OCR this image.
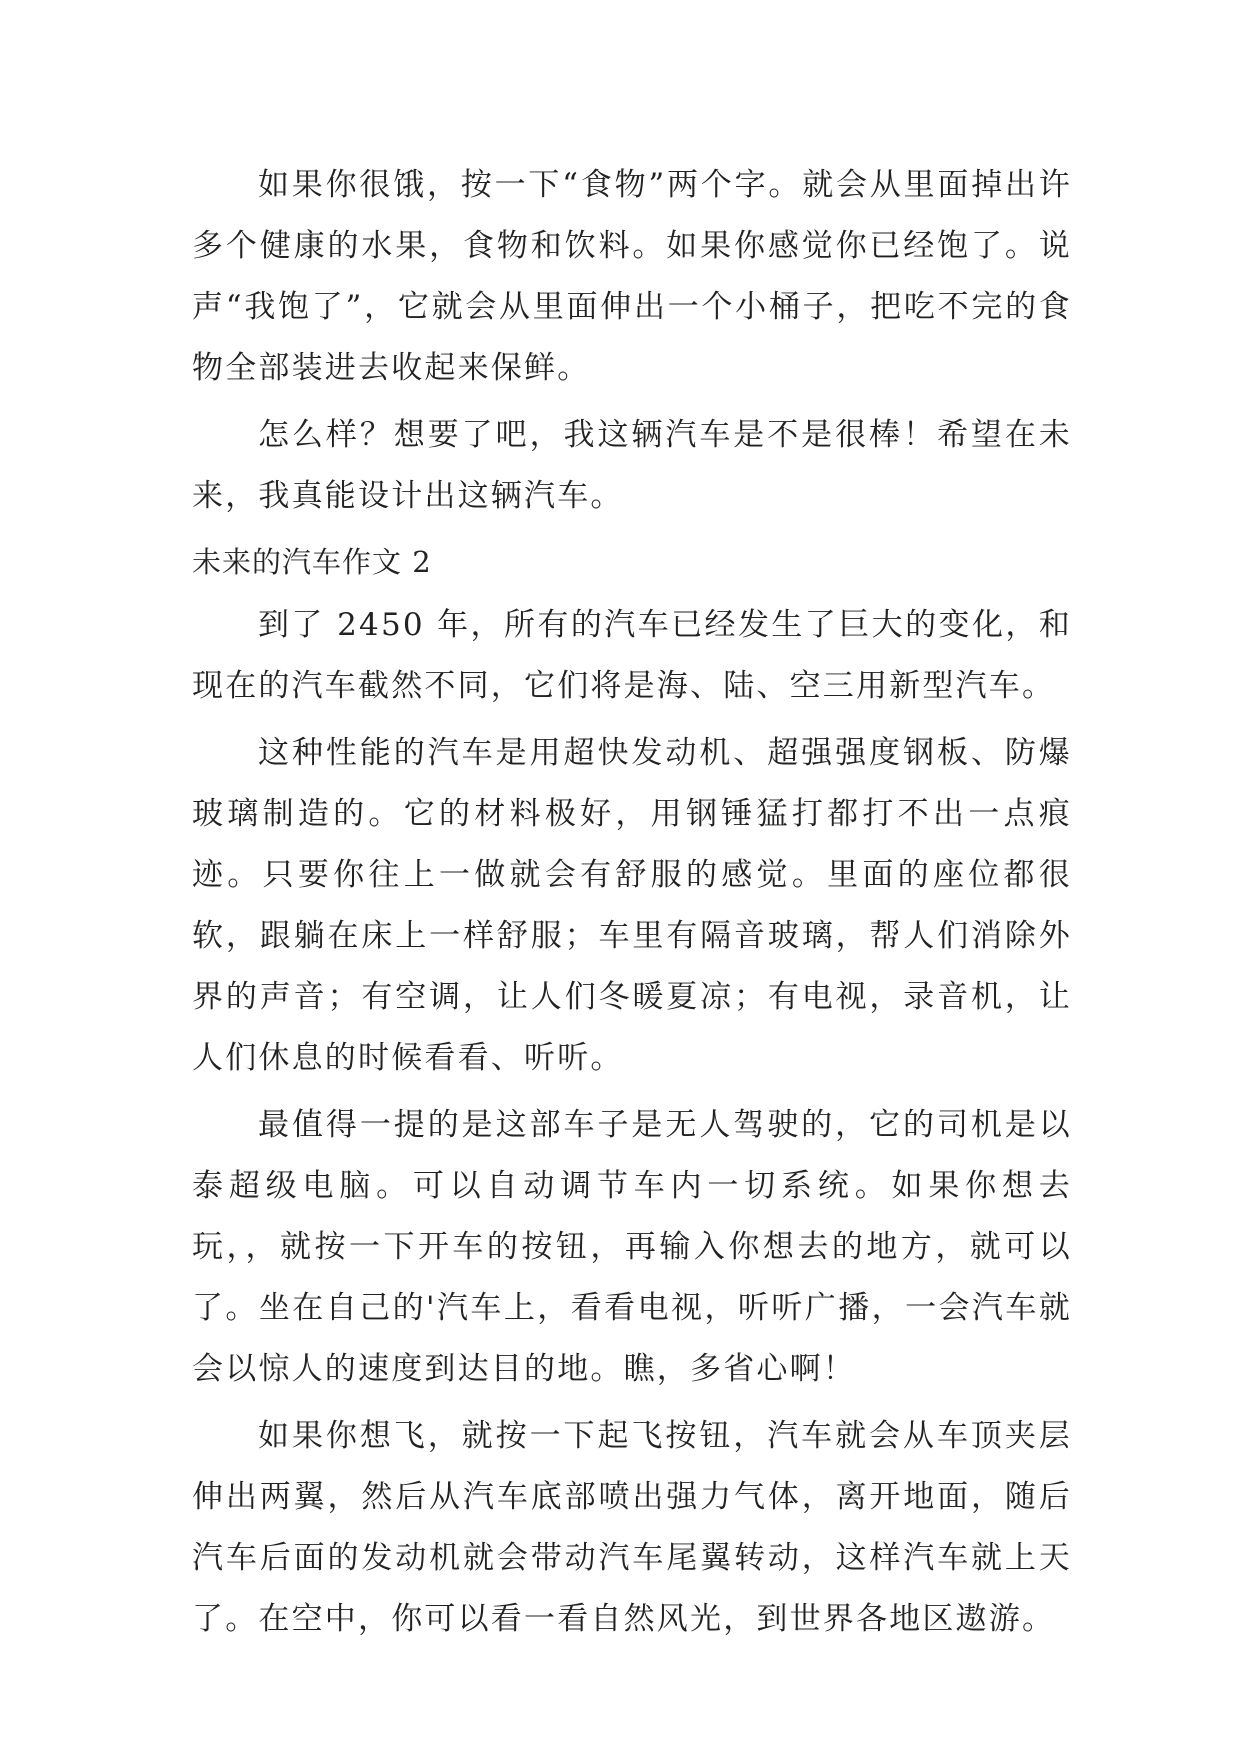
如果你很饿，按一下“食物”两个字。就会从里面掉出许多个健康的水果，食物和饮料。如果你感觉你已经饱了。说声“我饱了”，它就会从里面伸出一个小桶子，把吃不完的食物全部装进去收起来保鲜。

怎么样？想要了吧，我这辆汽车是不是很棒！希望在未来，我真能设计出这辆汽车。

未来的汽车作文 2

到了 2450 年，所有的汽车已经发生了巨大的变化，和现在的汽车截然不同，它们将是海、陆、空三用新型汽车。

这种性能的汽车是用超快发动机、超强强度钢板、防爆玻璃制造的。它的材料极好，用钢锤猛打都打不出一点痕迹。只要你往上一做就会有舒服的感觉。里面的座位都很软，跟躺在床上一样舒服；车里有隔音玻璃，帮人们消除外界的声音；有空调，让人们冬暖夏凉；有电视，录音机，让人们休息的时候看看、听听。

最值得一提的是这部车子是无人驾驶的，它的司机是以泰超级电脑。可以自动调节车内一切系统。如果你想去玩，，就按一下开车的按钮，再输入你想去的地方，就可以了。坐在自己的'汽车上，看看电视，听听广播，一会汽车就会以惊人的速度到达目的地。瞧，多省心啊！

如果你想飞，就按一下起飞按钮，汽车就会从车顶夹层伸出两翼，然后从汽车底部喷出强力气体，离开地面，随后汽车后面的发动机就会带动汽车尾翼转动，这样汽车就上天了。在空中，你可以看一看自然风光，到世界各地区遨游。
